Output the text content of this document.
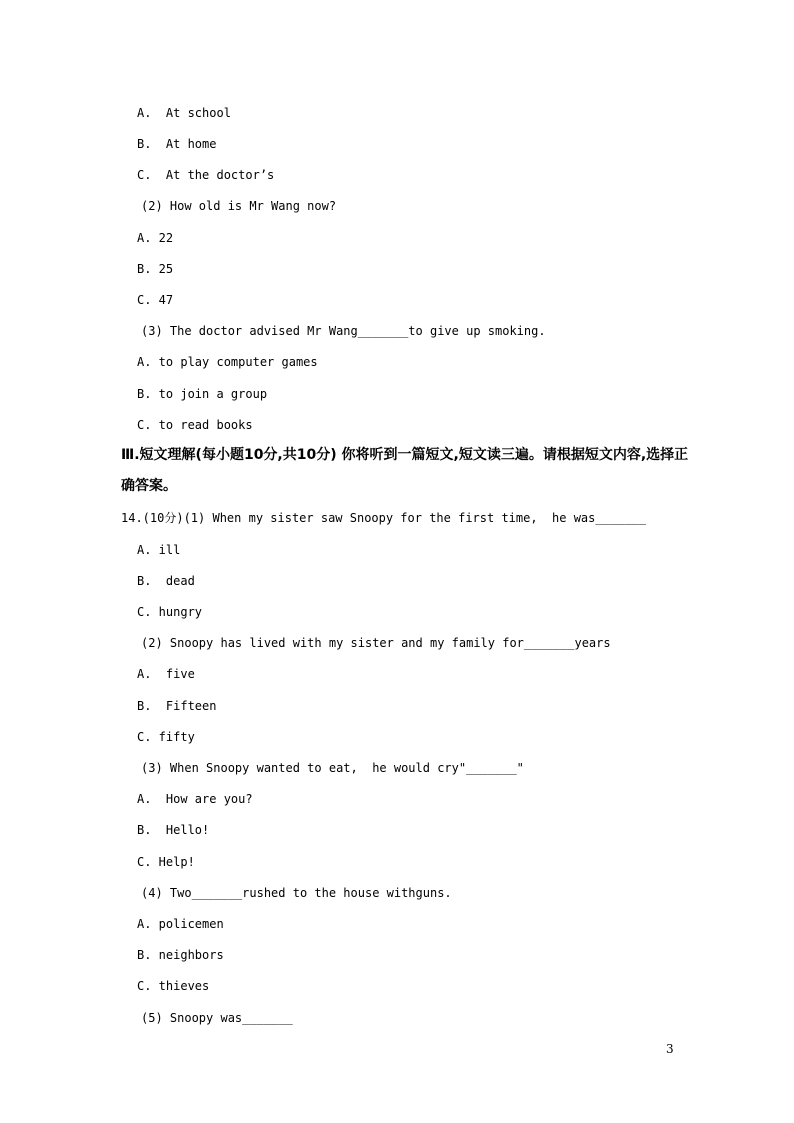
A.  At school
B.  At home
C.  At the doctor’s
(2) How old is Mr Wang now?
A. 22
B. 25
C. 47
(3) The doctor advised Mr Wang_______to give up smoking.
A. to play computer games
B. to join a group
C. to read books
Ⅲ.短文理解(每小题10分,共10分) 你将听到一篇短文,短文读三遍。请根据短文内容,选择正确答案。
14.(10分)(1) When my sister saw Snoopy for the first time,  he was_______
A. ill
B.  dead
C. hungry
(2) Snoopy has lived with my sister and my family for_______years
A.  five
B.  Fifteen
C. fifty
(3) When Snoopy wanted to eat,  he would cry"_______"
A.  How are you?
B.  Hello!
C. Help!
(4) Two_______rushed to the house withguns.
A. policemen
B. neighbors
C. thieves
(5) Snoopy was_______
3
